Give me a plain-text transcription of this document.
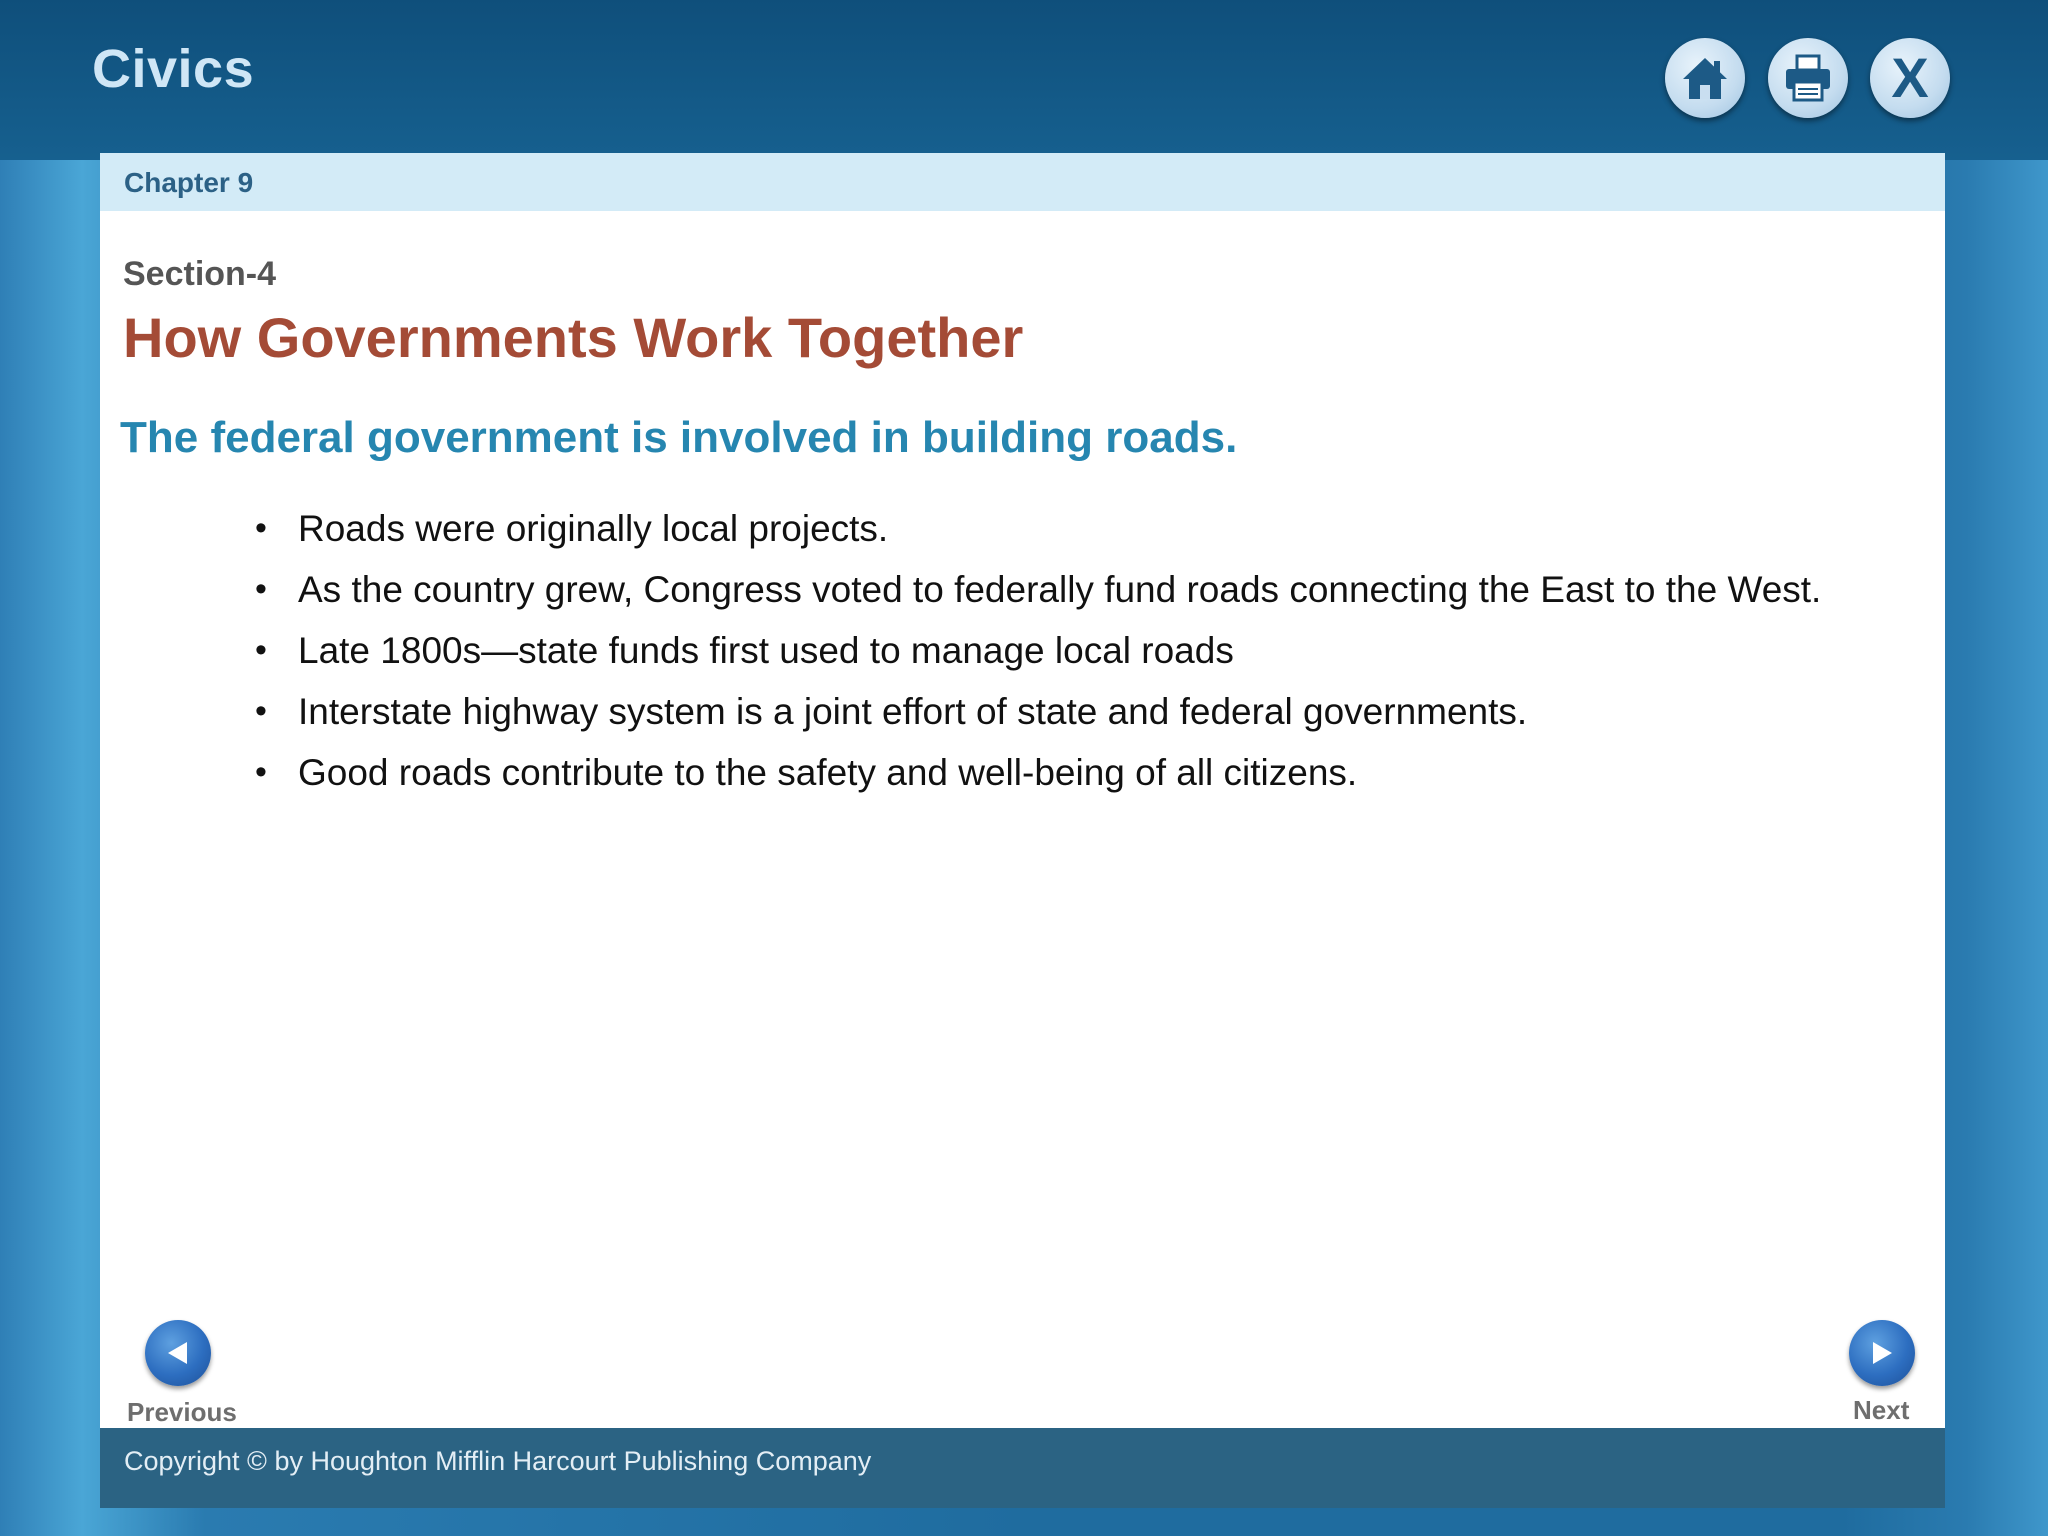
Civics	X
Chapter 9
Section-4
How Governments Work Together
The federal government is involved in building roads.
• Roads were originally local projects.
• As the country grew, Congress voted to federally fund roads connecting the East to the West.
• Late 1800s—state funds first used to manage local roads
• Interstate highway system is a joint effort of state and federal governments.
• Good roads contribute to the safety and well-being of all citizens.
Previous	Next
Copyright © by Houghton Mifflin Harcourt Publishing Company
